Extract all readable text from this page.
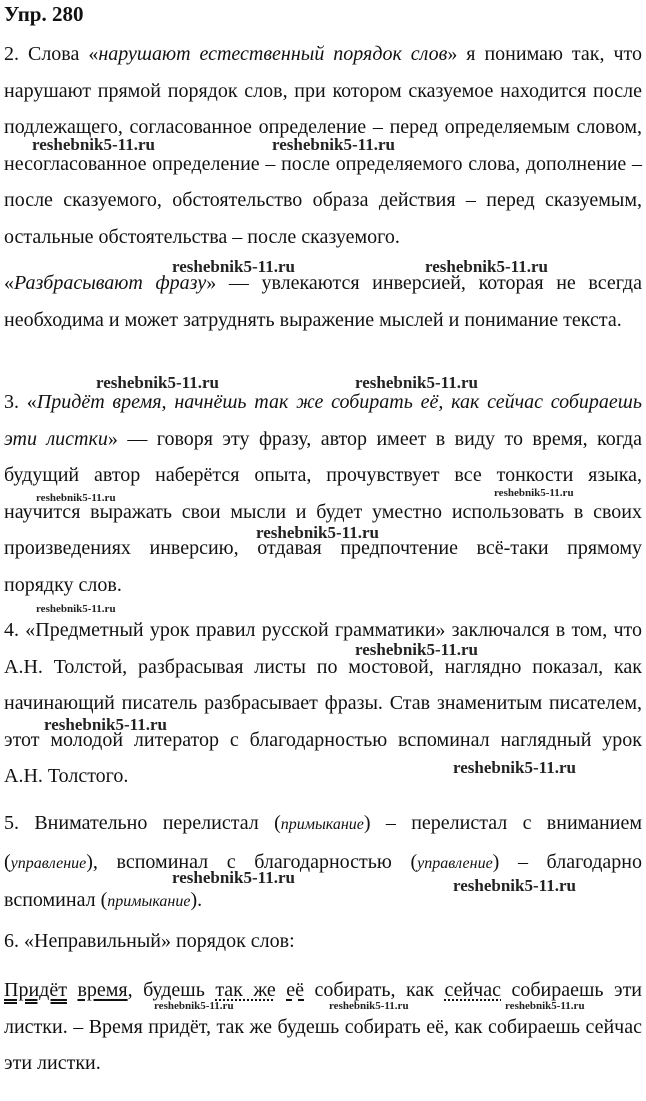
Упр. 280

2. Слова «нарушают естественный порядок слов» я понимаю так, что нарушают прямой порядок слов, при котором сказуемое находится после подлежащего, согласованное определение – перед определяемым словом, несогласованное определение – после определяемого слова, дополнение – после сказуемого, обстоятельство образа действия – перед сказуемым, остальные обстоятельства – после сказуемого.

«Разбрасывают фразу» — увлекаются инверсией, которая не всегда необходима и может затруднять выражение мыслей и понимание текста.

3. «Придёт время, начнёшь так же собирать её, как сейчас собираешь эти листки» — говоря эту фразу, автор имеет в виду то время, когда будущий автор наберётся опыта, прочувствует все тонкости языка, научится выражать свои мысли и будет уместно использовать в своих произведениях инверсию, отдавая предпочтение всё-таки прямому порядку слов.

4. «Предметный урок правил русской грамматики» заключался в том, что А.Н. Толстой, разбрасывая листы по мостовой, наглядно показал, как начинающий писатель разбрасывает фразы. Став знаменитым писателем, этот молодой литератор с благодарностью вспоминал наглядный урок А.Н. Толстого.

5. Внимательно перелистал (примыкание) – перелистал с вниманием (управление), вспоминал с благодарностью (управление) – благодарно вспоминал (примыкание).

6. «Неправильный» порядок слов:

Придёт время, будешь так же её собирать, как сейчас собираешь эти листки. – Время придёт, так же будешь собирать её, как собираешь сейчас эти листки.

reshebnik5-11.ru	reshebnik5-11.ru
reshebnik5-11.ru	reshebnik5-11.ru
reshebnik5-11.ru	reshebnik5-11.ru
reshebnik5-11.ru	reshebnik5-11.ru
reshebnik5-11.ru
reshebnik5-11.ru
reshebnik5-11.ru
reshebnik5-11.ru
reshebnik5-11.ru
reshebnik5-11.ru	reshebnik5-11.ru
reshebnik5-11.ru	reshebnik5-11.ru	reshebnik5-11.ru
